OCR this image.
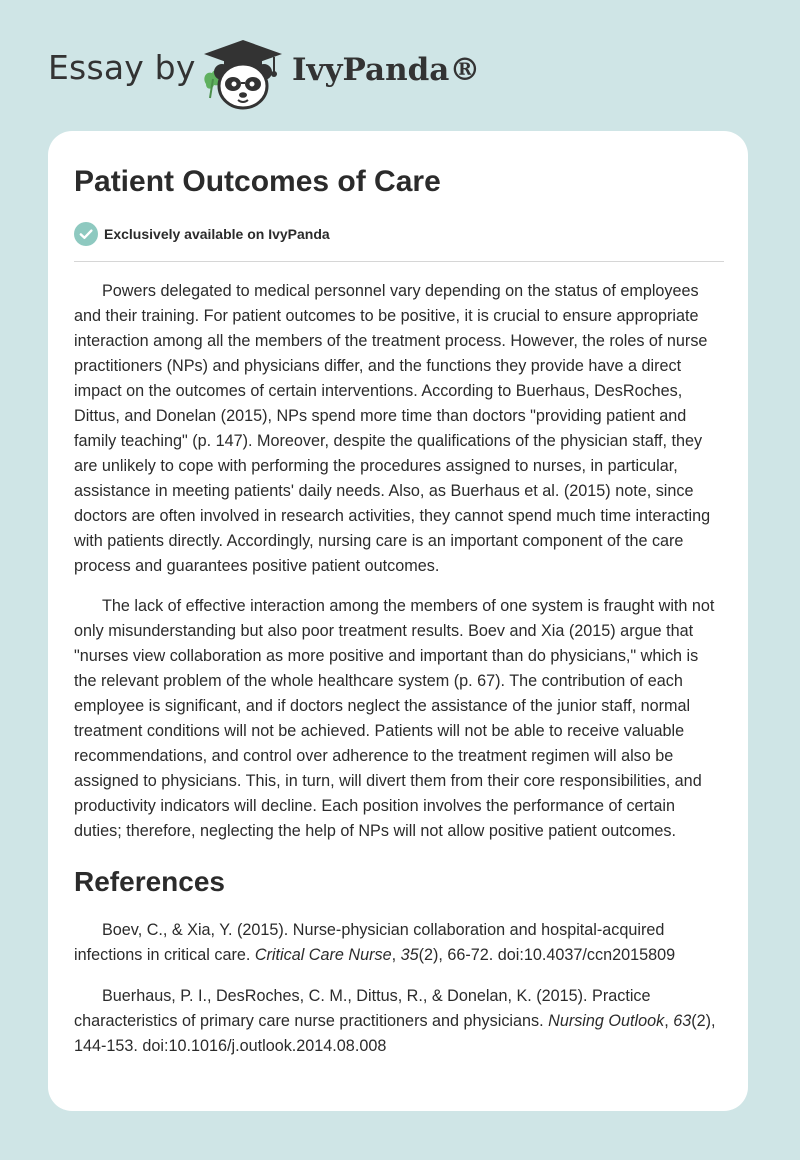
Essay by	IvyPanda®
Patient Outcomes of Care
Exclusively available on IvyPanda

Powers delegated to medical personnel vary depending on the status of employees and their training. For patient outcomes to be positive, it is crucial to ensure appropriate interaction among all the members of the treatment process. However, the roles of nurse practitioners (NPs) and physicians differ, and the functions they provide have a direct impact on the outcomes of certain interventions. According to Buerhaus, DesRoches, Dittus, and Donelan (2015), NPs spend more time than doctors "providing patient and family teaching" (p. 147). Moreover, despite the qualifications of the physician staff, they are unlikely to cope with performing the procedures assigned to nurses, in particular, assistance in meeting patients' daily needs. Also, as Buerhaus et al. (2015) note, since doctors are often involved in research activities, they cannot spend much time interacting with patients directly. Accordingly, nursing care is an important component of the care process and guarantees positive patient outcomes.

The lack of effective interaction among the members of one system is fraught with not only misunderstanding but also poor treatment results. Boev and Xia (2015) argue that "nurses view collaboration as more positive and important than do physicians," which is the relevant problem of the whole healthcare system (p. 67). The contribution of each employee is significant, and if doctors neglect the assistance of the junior staff, normal treatment conditions will not be achieved. Patients will not be able to receive valuable recommendations, and control over adherence to the treatment regimen will also be assigned to physicians. This, in turn, will divert them from their core responsibilities, and productivity indicators will decline. Each position involves the performance of certain duties; therefore, neglecting the help of NPs will not allow positive patient outcomes.

References

Boev, C., & Xia, Y. (2015). Nurse-physician collaboration and hospital-acquired infections in critical care. Critical Care Nurse, 35(2), 66-72. doi:10.4037/ccn2015809

Buerhaus, P. I., DesRoches, C. M., Dittus, R., & Donelan, K. (2015). Practice characteristics of primary care nurse practitioners and physicians. Nursing Outlook, 63(2), 144-153. doi:10.1016/j.outlook.2014.08.008
